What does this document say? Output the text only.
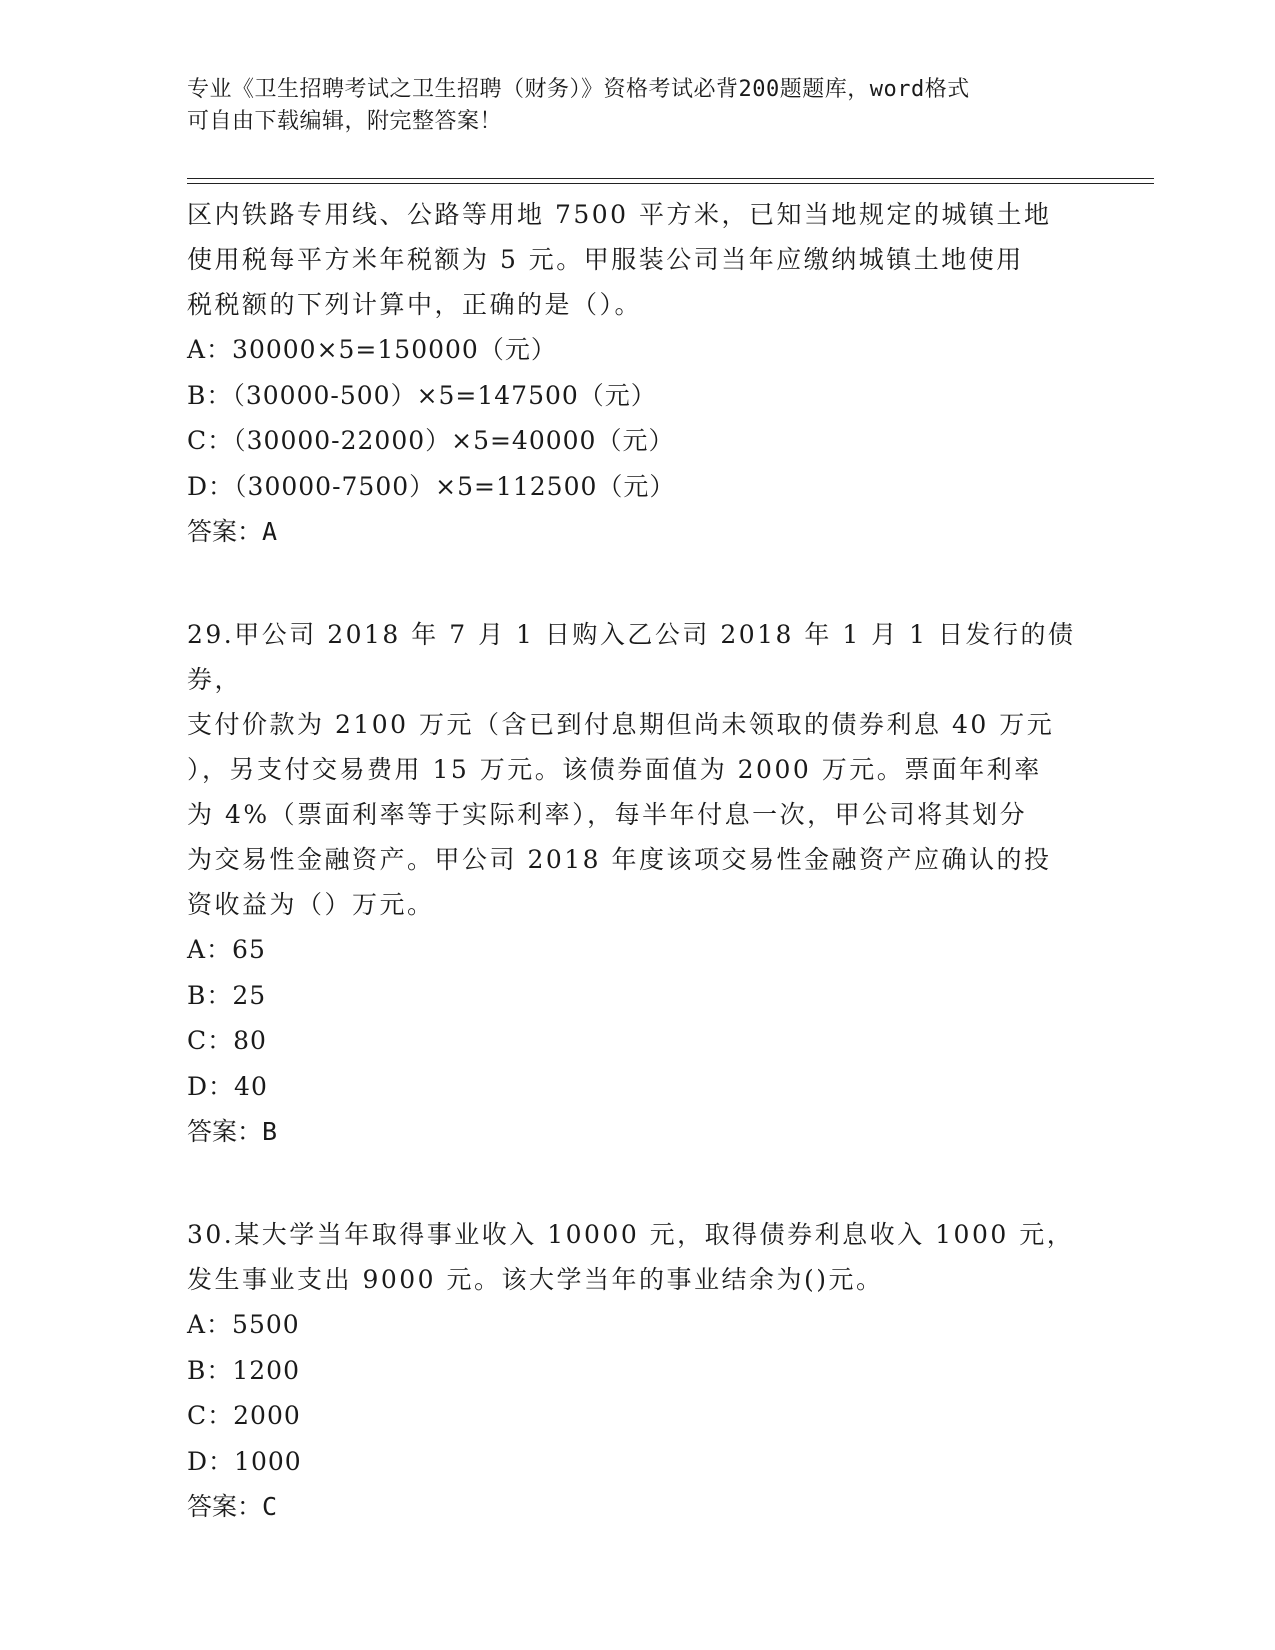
专业《卫生招聘考试之卫生招聘（财务）》资格考试必背200题题库，word格式
可自由下载编辑，附完整答案！

区内铁路专用线、公路等用地 7500 平方米，已知当地规定的城镇土地

使用税每平方米年税额为 5 元。甲服装公司当年应缴纳城镇土地使用

税税额的下列计算中，正确的是（）。

A：30000×5=150000（元）
B：（30000-500）×5=147500（元）
C：（30000-22000）×5=40000（元）
D：（30000-7500）×5=112500（元）

答案：A

29.甲公司 2018 年 7 月 1 日购入乙公司 2018 年 1 月 1 日发行的债券，

支付价款为 2100 万元（含已到付息期但尚未领取的债券利息 40 万元

），另支付交易费用 15 万元。该债券面值为 2000 万元。票面年利率

为 4%（票面利率等于实际利率），每半年付息一次，甲公司将其划分

为交易性金融资产。甲公司 2018 年度该项交易性金融资产应确认的投

资收益为（）万元。

A：65
B：25
C：80
D：40

答案：B

30.某大学当年取得事业收入 10000 元，取得债券利息收入 1000 元，

发生事业支出 9000 元。该大学当年的事业结余为()元。

A：5500
B：1200
C：2000
D：1000

答案：C
